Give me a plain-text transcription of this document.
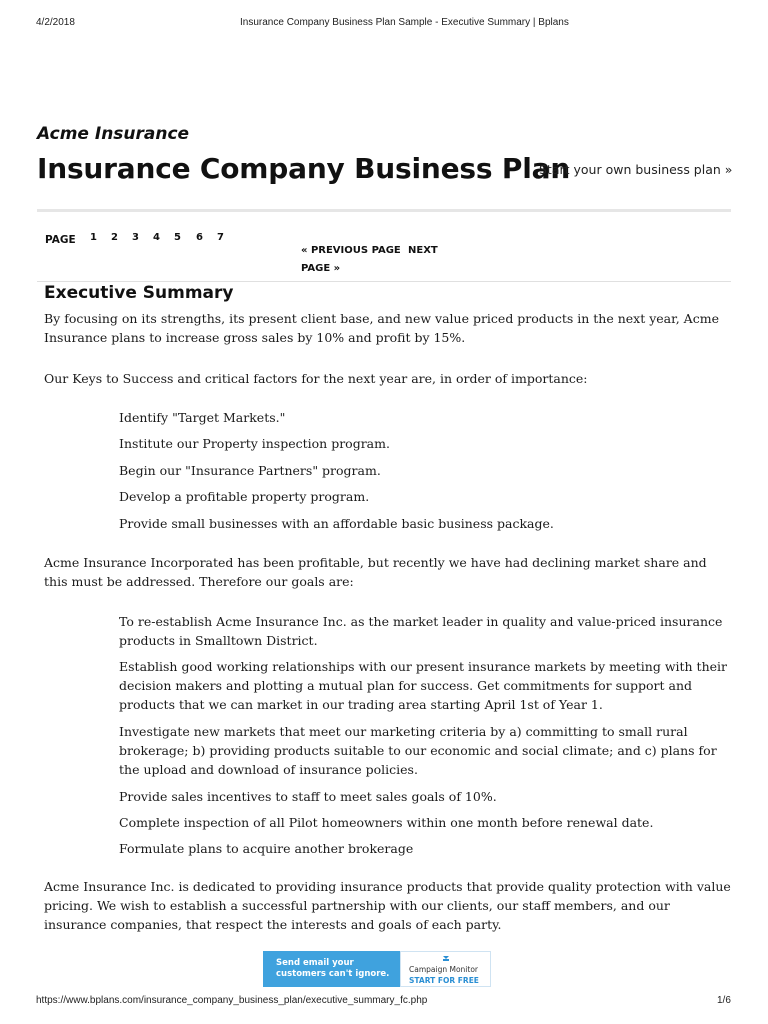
4/2/2018	Insurance Company Business Plan Sample - Executive Summary | Bplans
Acme Insurance
Insurance Company Business Plan
Start your own business plan »
PAGE 1 2 3 4 5 6 7
« PREVIOUS PAGE NEXT
PAGE »
Executive Summary
By focusing on its strengths, its present client base, and new value priced products in the next year, Acme Insurance plans to increase gross sales by 10% and profit by 15%.
Our Keys to Success and critical factors for the next year are, in order of importance:
Identify "Target Markets."
Institute our Property inspection program.
Begin our "Insurance Partners" program.
Develop a profitable property program.
Provide small businesses with an affordable basic business package.
Acme Insurance Incorporated has been profitable, but recently we have had declining market share and this must be addressed. Therefore our goals are:
To re-establish Acme Insurance Inc. as the market leader in quality and value-priced insurance products in Smalltown District.
Establish good working relationships with our present insurance markets by meeting with their decision makers and plotting a mutual plan for success. Get commitments for support and products that we can market in our trading area starting April 1st of Year 1.
Investigate new markets that meet our marketing criteria by a) committing to small rural brokerage; b) providing products suitable to our economic and social climate; and c) plans for the upload and download of insurance policies.
Provide sales incentives to staff to meet sales goals of 10%.
Complete inspection of all Pilot homeowners within one month before renewal date.
Formulate plans to acquire another brokerage
Acme Insurance Inc. is dedicated to providing insurance products that provide quality protection with value pricing. We wish to establish a successful partnership with our clients, our staff members, and our insurance companies, that respect the interests and goals of each party.
Send email your
customers can't ignore.	Campaign Monitor
START FOR FREE
https://www.bplans.com/insurance_company_business_plan/executive_summary_fc.php	1/6
